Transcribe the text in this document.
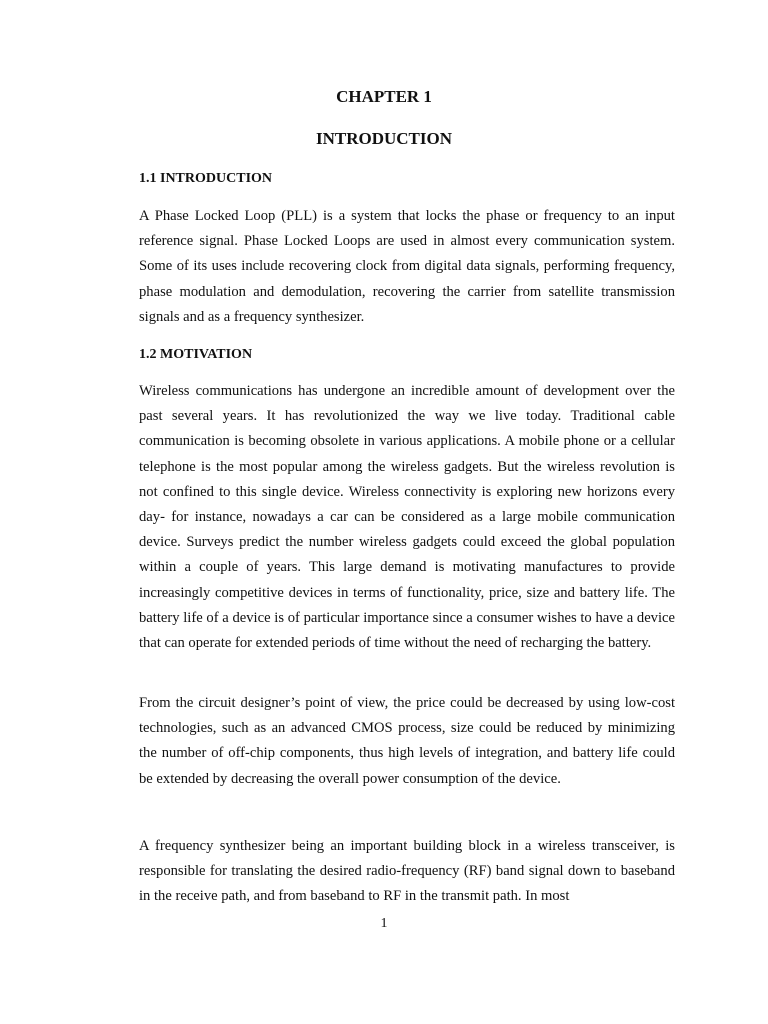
CHAPTER 1
INTRODUCTION
1.1 INTRODUCTION

A Phase Locked Loop (PLL) is a system that locks the phase or frequency to an input reference signal. Phase Locked Loops are used in almost every communication system. Some of its uses include recovering clock from digital data signals, performing frequency, phase modulation and demodulation, recovering the carrier from satellite transmission signals and as a frequency synthesizer.

1.2 MOTIVATION

Wireless communications has undergone an incredible amount of development over the past several years. It has revolutionized the way we live today. Traditional cable communication is becoming obsolete in various applications. A mobile phone or a cellular telephone is the most popular among the wireless gadgets. But the wireless revolution is not confined to this single device. Wireless connectivity is exploring new horizons every day- for instance, nowadays a car can be considered as a large mobile communication device. Surveys predict the number wireless gadgets could exceed the global population within a couple of years. This large demand is motivating manufactures to provide increasingly competitive devices in terms of functionality, price, size and battery life. The battery life of a device is of particular importance since a consumer wishes to have a device that can operate for extended periods of time without the need of recharging the battery.

From the circuit designer’s point of view, the price could be decreased by using low-cost technologies, such as an advanced CMOS process, size could be reduced by minimizing the number of off-chip components, thus high levels of integration, and battery life could be extended by decreasing the overall power consumption of the device.

A frequency synthesizer being an important building block in a wireless transceiver, is responsible for translating the desired radio-frequency (RF) band signal down to baseband in the receive path, and from baseband to RF in the transmit path. In most

1
